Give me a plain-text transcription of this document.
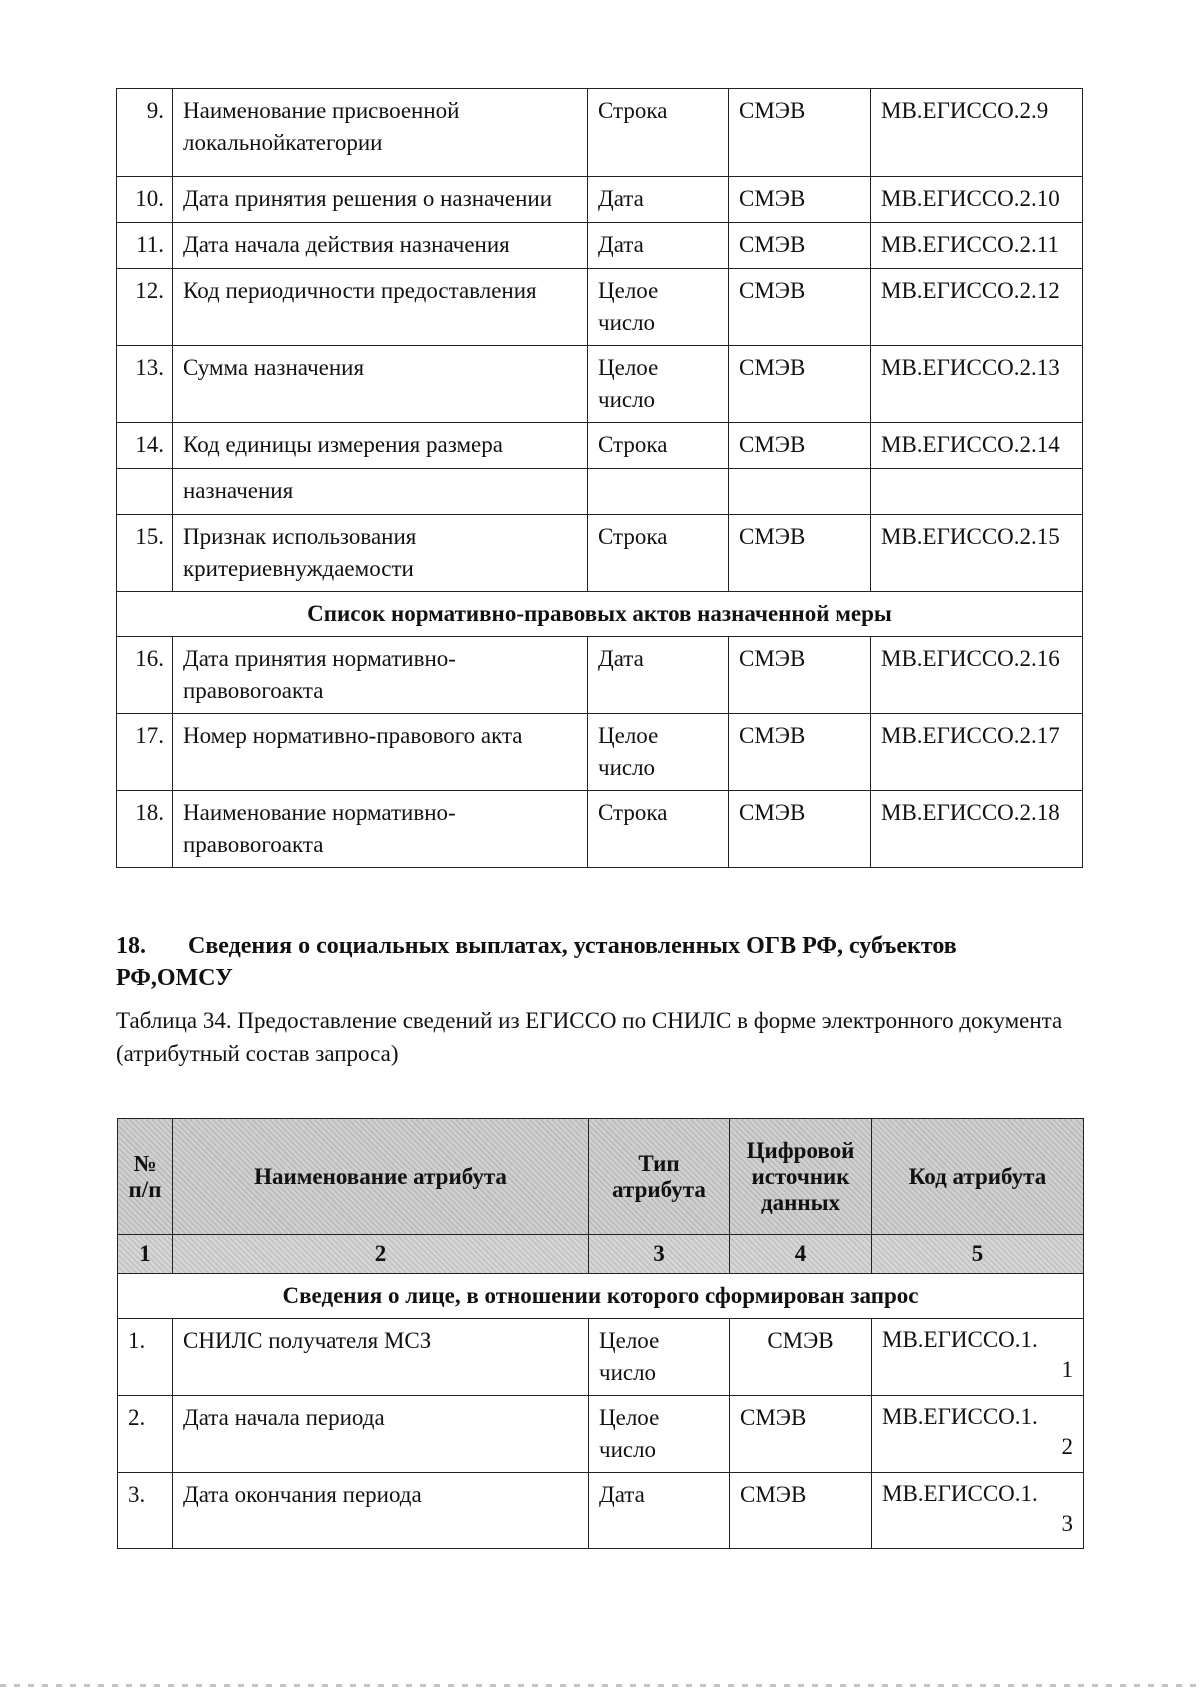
9.	Наименование присвоенной локальнойкатегории	Строка	СМЭВ	МВ.ЕГИССО.2.9
10.	Дата принятия решения о назначении	Дата	СМЭВ	МВ.ЕГИССО.2.10
11.	Дата начала действия назначения	Дата	СМЭВ	МВ.ЕГИССО.2.11
12.	Код периодичности предоставления	Целое число	СМЭВ	МВ.ЕГИССО.2.12
13.	Сумма назначения	Целое число	СМЭВ	МВ.ЕГИССО.2.13
14.	Код единицы измерения размера	Строка	СМЭВ	МВ.ЕГИССО.2.14
	назначения			
15.	Признак использования критериевнуждаемости	Строка	СМЭВ	МВ.ЕГИССО.2.15
Список нормативно-правовых актов назначенной меры				
16.	Дата принятия нормативно-правовогоакта	Дата	СМЭВ	МВ.ЕГИССО.2.16
17.	Номер нормативно-правового акта	Целое число	СМЭВ	МВ.ЕГИССО.2.17
18.	Наименование нормативно-правовогоакта	Строка	СМЭВ	МВ.ЕГИССО.2.18
18. Сведения о социальных выплатах, установленных ОГВ РФ, субъектов РФ,ОМСУ
Таблица 34. Предоставление сведений из ЕГИССО по СНИЛС в форме электронного документа (атрибутный состав запроса)
№ п/п	Наименование атрибута	Тип атрибута	Цифровой источник данных	Код атрибута
1	2	3	4	5
Сведения о лице, в отношении которого сформирован запрос				
1.	СНИЛС получателя МСЗ	Целое число	СМЭВ	МВ.ЕГИССО.1.
1

2.	Дата начала периода	Целое число	СМЭВ	МВ.ЕГИССО.1.
2

3.	Дата окончания периода	Дата	СМЭВ	МВ.ЕГИССО.1.
3
